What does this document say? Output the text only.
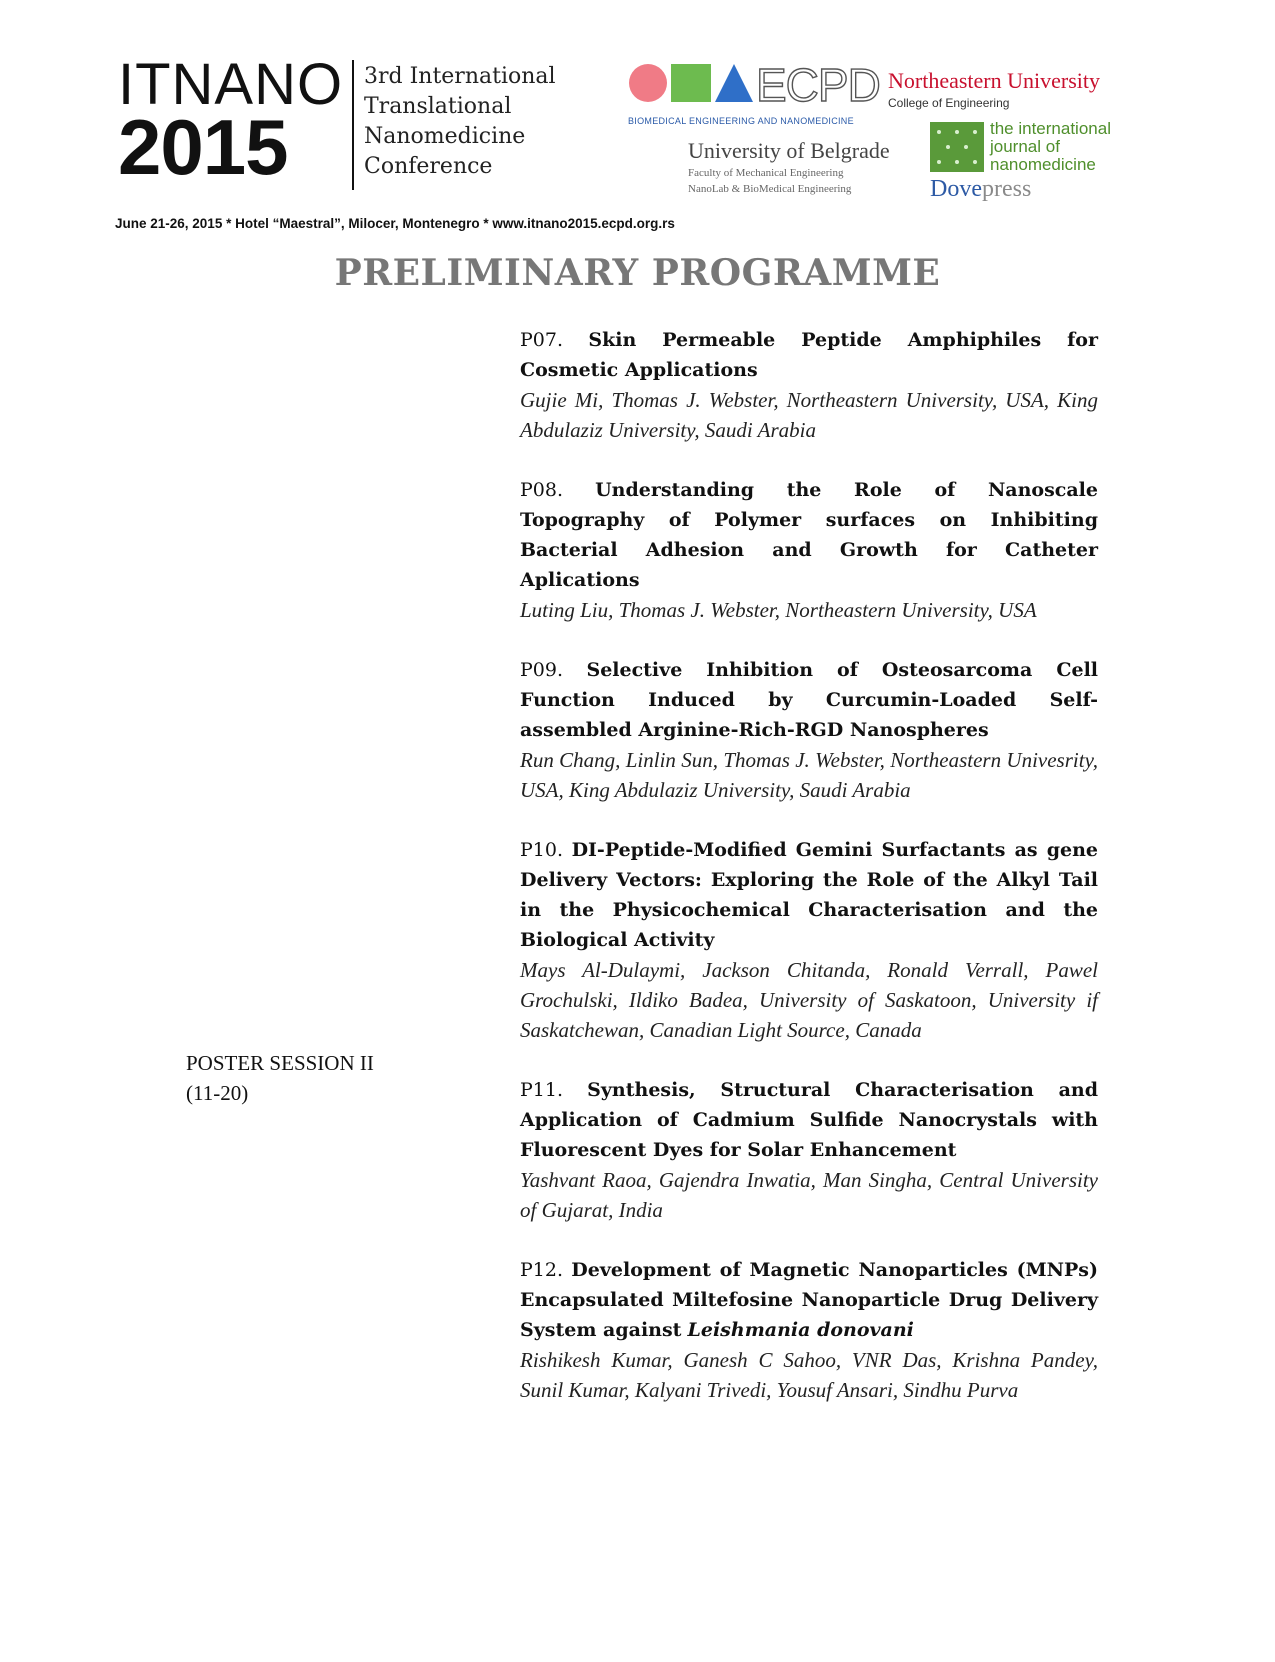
ITNANO
2015
3rd International
Translational
Nanomedicine
Conference
June 21-26, 2015 * Hotel “Maestral”, Milocer, Montenegro * www.itnano2015.ecpd.org.rs
ECPD
BIOMEDICAL ENGINEERING AND NANOMEDICINE
University of Belgrade
Faculty of Mechanical Engineering
NanoLab & BioMedical Engineering
Northeastern University
College of Engineering
the international
journal of
nanomedicine
Dovepress
PRELIMINARY PROGRAMME
POSTER SESSION II
(11-20)
P07. Skin Permeable Peptide Amphiphiles for Cosmetic Applications
Gujie Mi, Thomas J. Webster, Northeastern University, USA, King Abdulaziz University, Saudi Arabia
P08. Understanding the Role of Nanoscale Topography of Polymer surfaces on Inhibiting Bacterial Adhesion and Growth for Catheter Aplications
Luting Liu, Thomas J. Webster, Northeastern University, USA
P09. Selective Inhibition of Osteosarcoma Cell Function Induced by Curcumin-Loaded Self-assembled Arginine-Rich-RGD Nanospheres
Run Chang, Linlin Sun, Thomas J. Webster, Northeastern Univesrity, USA, King Abdulaziz University, Saudi Arabia
P10. DI-Peptide-Modified Gemini Surfactants as gene Delivery Vectors: Exploring the Role of the Alkyl Tail in the Physicochemical Characterisation and the Biological Activity
Mays Al-Dulaymi, Jackson Chitanda, Ronald Verrall, Pawel Grochulski, Ildiko Badea, University of Saskatoon, University if Saskatchewan, Canadian Light Source, Canada
P11. Synthesis, Structural Characterisation and Application of Cadmium Sulfide Nanocrystals with Fluorescent Dyes for Solar Enhancement
Yashvant Raoa, Gajendra Inwatia, Man Singha, Central University of Gujarat, India
P12. Development of Magnetic Nanoparticles (MNPs) Encapsulated Miltefosine Nanoparticle Drug Delivery System against Leishmania donovani
Rishikesh Kumar, Ganesh C Sahoo, VNR Das, Krishna Pandey, Sunil Kumar, Kalyani Trivedi, Yousuf Ansari, Sindhu Purva
